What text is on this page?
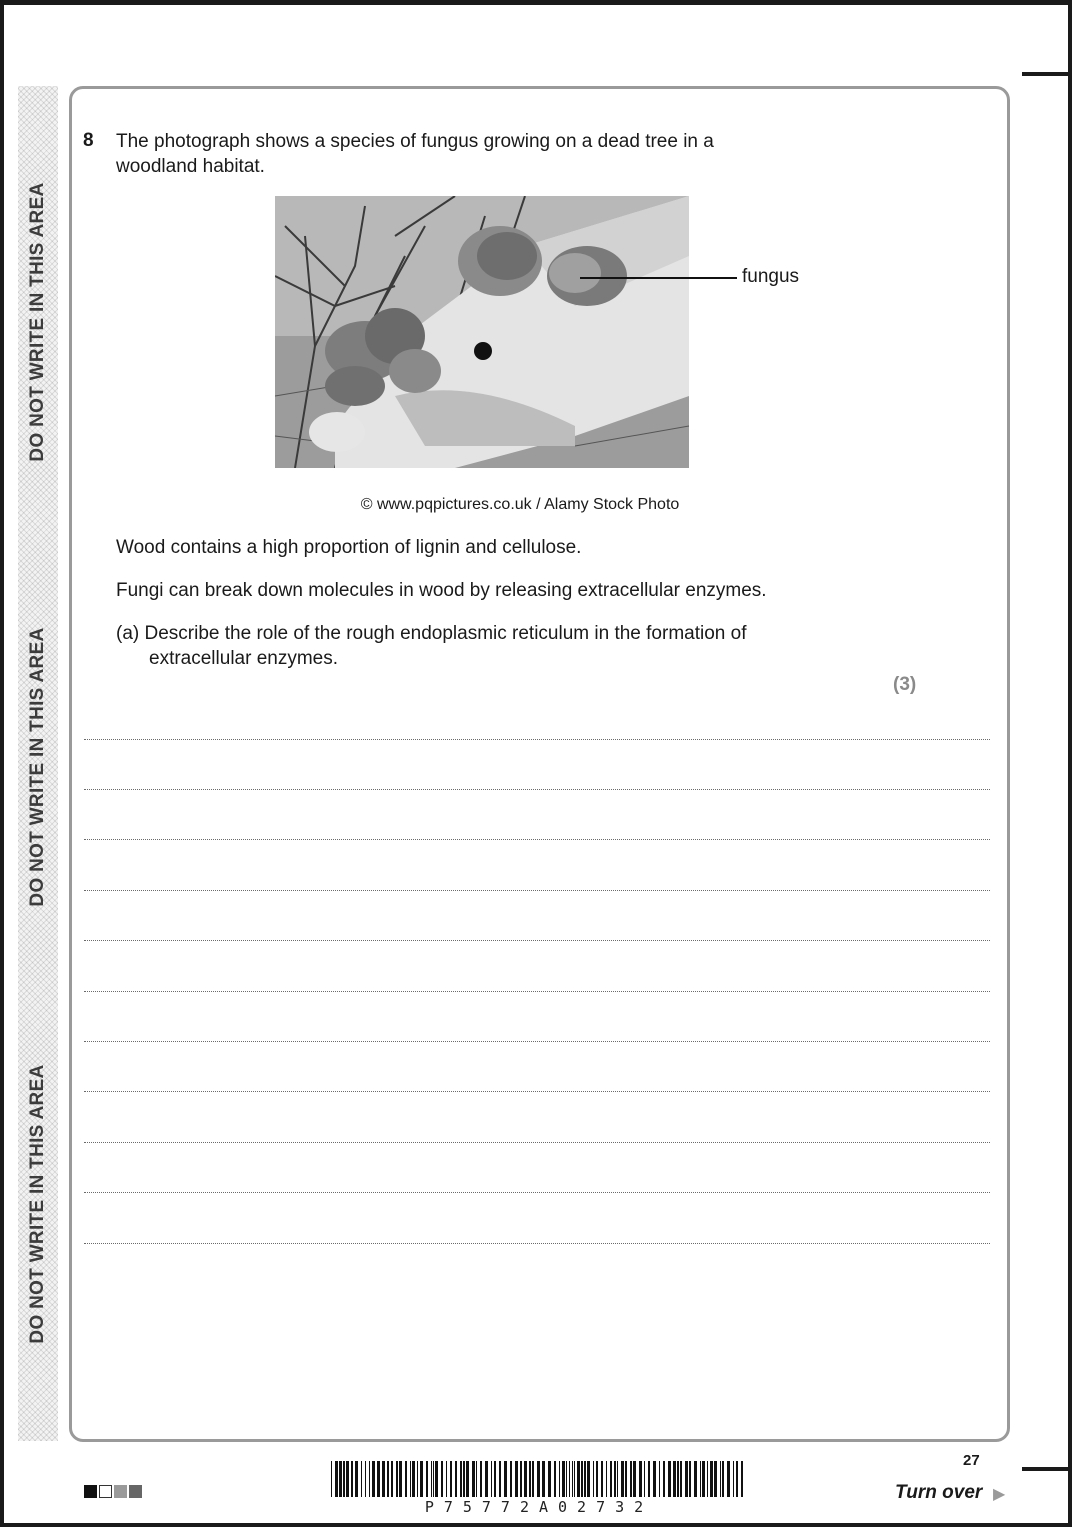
DO NOT WRITE IN THIS AREA
DO NOT WRITE IN THIS AREA
DO NOT WRITE IN THIS AREA
8 The photograph shows a species of fungus growing on a dead tree in a
woodland habitat.
fungus
© www.pqpictures.co.uk / Alamy Stock Photo
Wood contains a high proportion of lignin and cellulose.
Fungi can break down molecules in wood by releasing extracellular enzymes.
(a) Describe the role of the rough endoplasmic reticulum in the formation of
extracellular enzymes.
(3)
P75772A02732
27
Turn over ▶
